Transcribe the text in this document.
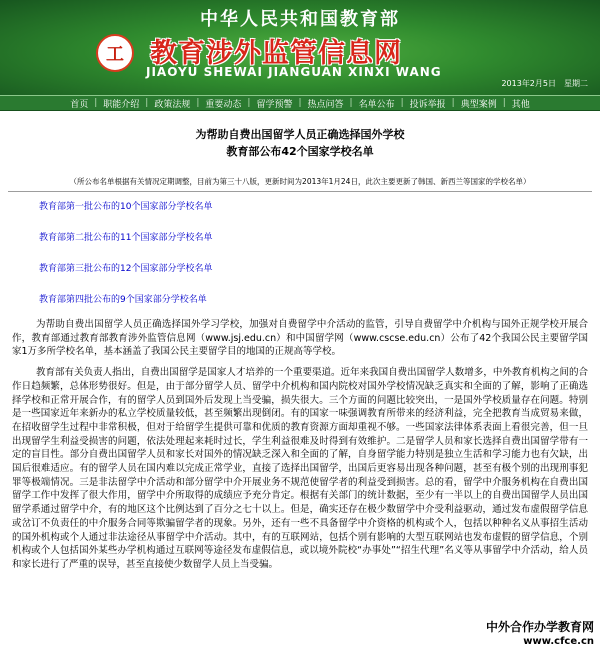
中华人民共和国教育部
工 教育涉外监管信息网
JIAOYU SHEWAI JIANGUAN XINXI WANG
2013年2月5日　星期二
首页 | 职能介绍 | 政策法规 | 重要动态 | 留学预警 | 热点问答 | 名单公布 | 投诉举报 | 典型案例 | 其他
为帮助自费出国留学人员正确选择国外学校
教育部公布42个国家学校名单
（所公布名单根据有关情况定期调整，目前为第三十八版，更新时间为2013年1月24日，此次主要更新了韩国、新西兰等国家的学校名单）
教育部第一批公布的10个国家部分学校名单
教育部第二批公布的11个国家部分学校名单
教育部第三批公布的12个国家部分学校名单
教育部第四批公布的9个国家部分学校名单

为帮助自费出国留学人员正确选择国外学习学校，加强对自费留学中介活动的监管，引导自费留学中介机构与国外正规学校开展合作，教育部通过教育部教育涉外监管信息网（www.jsj.edu.cn）和中国留学网（www.cscse.edu.cn）公布了42个我国公民主要留学国家1万多所学校名单，基本涵盖了我国公民主要留学目的地国的正规高等学校。

教育部有关负责人指出，自费出国留学是国家人才培养的一个重要渠道。近年来我国自费出国留学人数增多，中外教育机构之间的合作日趋频繁，总体形势很好。但是，由于部分留学人员、留学中介机构和国内院校对国外学校情况缺乏真实和全面的了解，影响了正确选择学校和正常开展合作，有的留学人员到国外后发现上当受骗，损失很大。三个方面的问题比较突出，一是国外学校质量存在问题。特别是一些国家近年来新办的私立学校质量较低，甚至频繁出现倒闭。有的国家一味强调教育所带来的经济利益，完全把教育当成贸易来做，在招收留学生过程中非常积极，但对于给留学生提供可靠和优质的教育资源方面却重视不够。一些国家法律体系表面上看很完善，但一旦出现留学生利益受损害的问题，依法处理起来耗时过长，学生利益很难及时得到有效维护。二是留学人员和家长选择自费出国留学带有一定的盲目性。部分自费出国留学人员和家长对国外的情况缺乏深入和全面的了解，自身留学能力特别是独立生活和学习能力也有欠缺，出国后很难适应。有的留学人员在国内难以完成正常学业，直接了选择出国留学，出国后更容易出现各种问题，甚至有极个别的出现刑事犯罪等极端情况。三是非法留学中介活动和部分留学中介开展业务不规范使留学者的利益受到损害。总的看，留学中介服务机构在自费出国留学工作中发挥了很大作用，留学中介所取得的成绩应予充分肯定。根据有关部门的统计数据，至少有一半以上的自费出国留学人员出国留学系通过留学中介，有的地区这个比例达到了百分之七十以上。但是，确实还存在极少数留学中介受利益驱动，通过发布虚假留学信息或岔订不负责任的中介服务合同等欺骗留学者的现象。另外，还有一些不具备留学中介资格的机构或个人，包括以种种名义从事招生活动的国外机构或个人通过非法途径从事留学中介活动。其中，有的互联网站，包括个别有影响的大型互联网站也发布虚假的留学信息，个别机构或个人包括国外某些办学机构通过互联网等途径发布虚假信息，或以境外院校“办事处”“招生代理”名义等从事留学中介活动，给人员和家长进行了严重的误导，甚至直接使少数留学人员上当受骗。

中外合作办学教育网
www.cfce.cn
